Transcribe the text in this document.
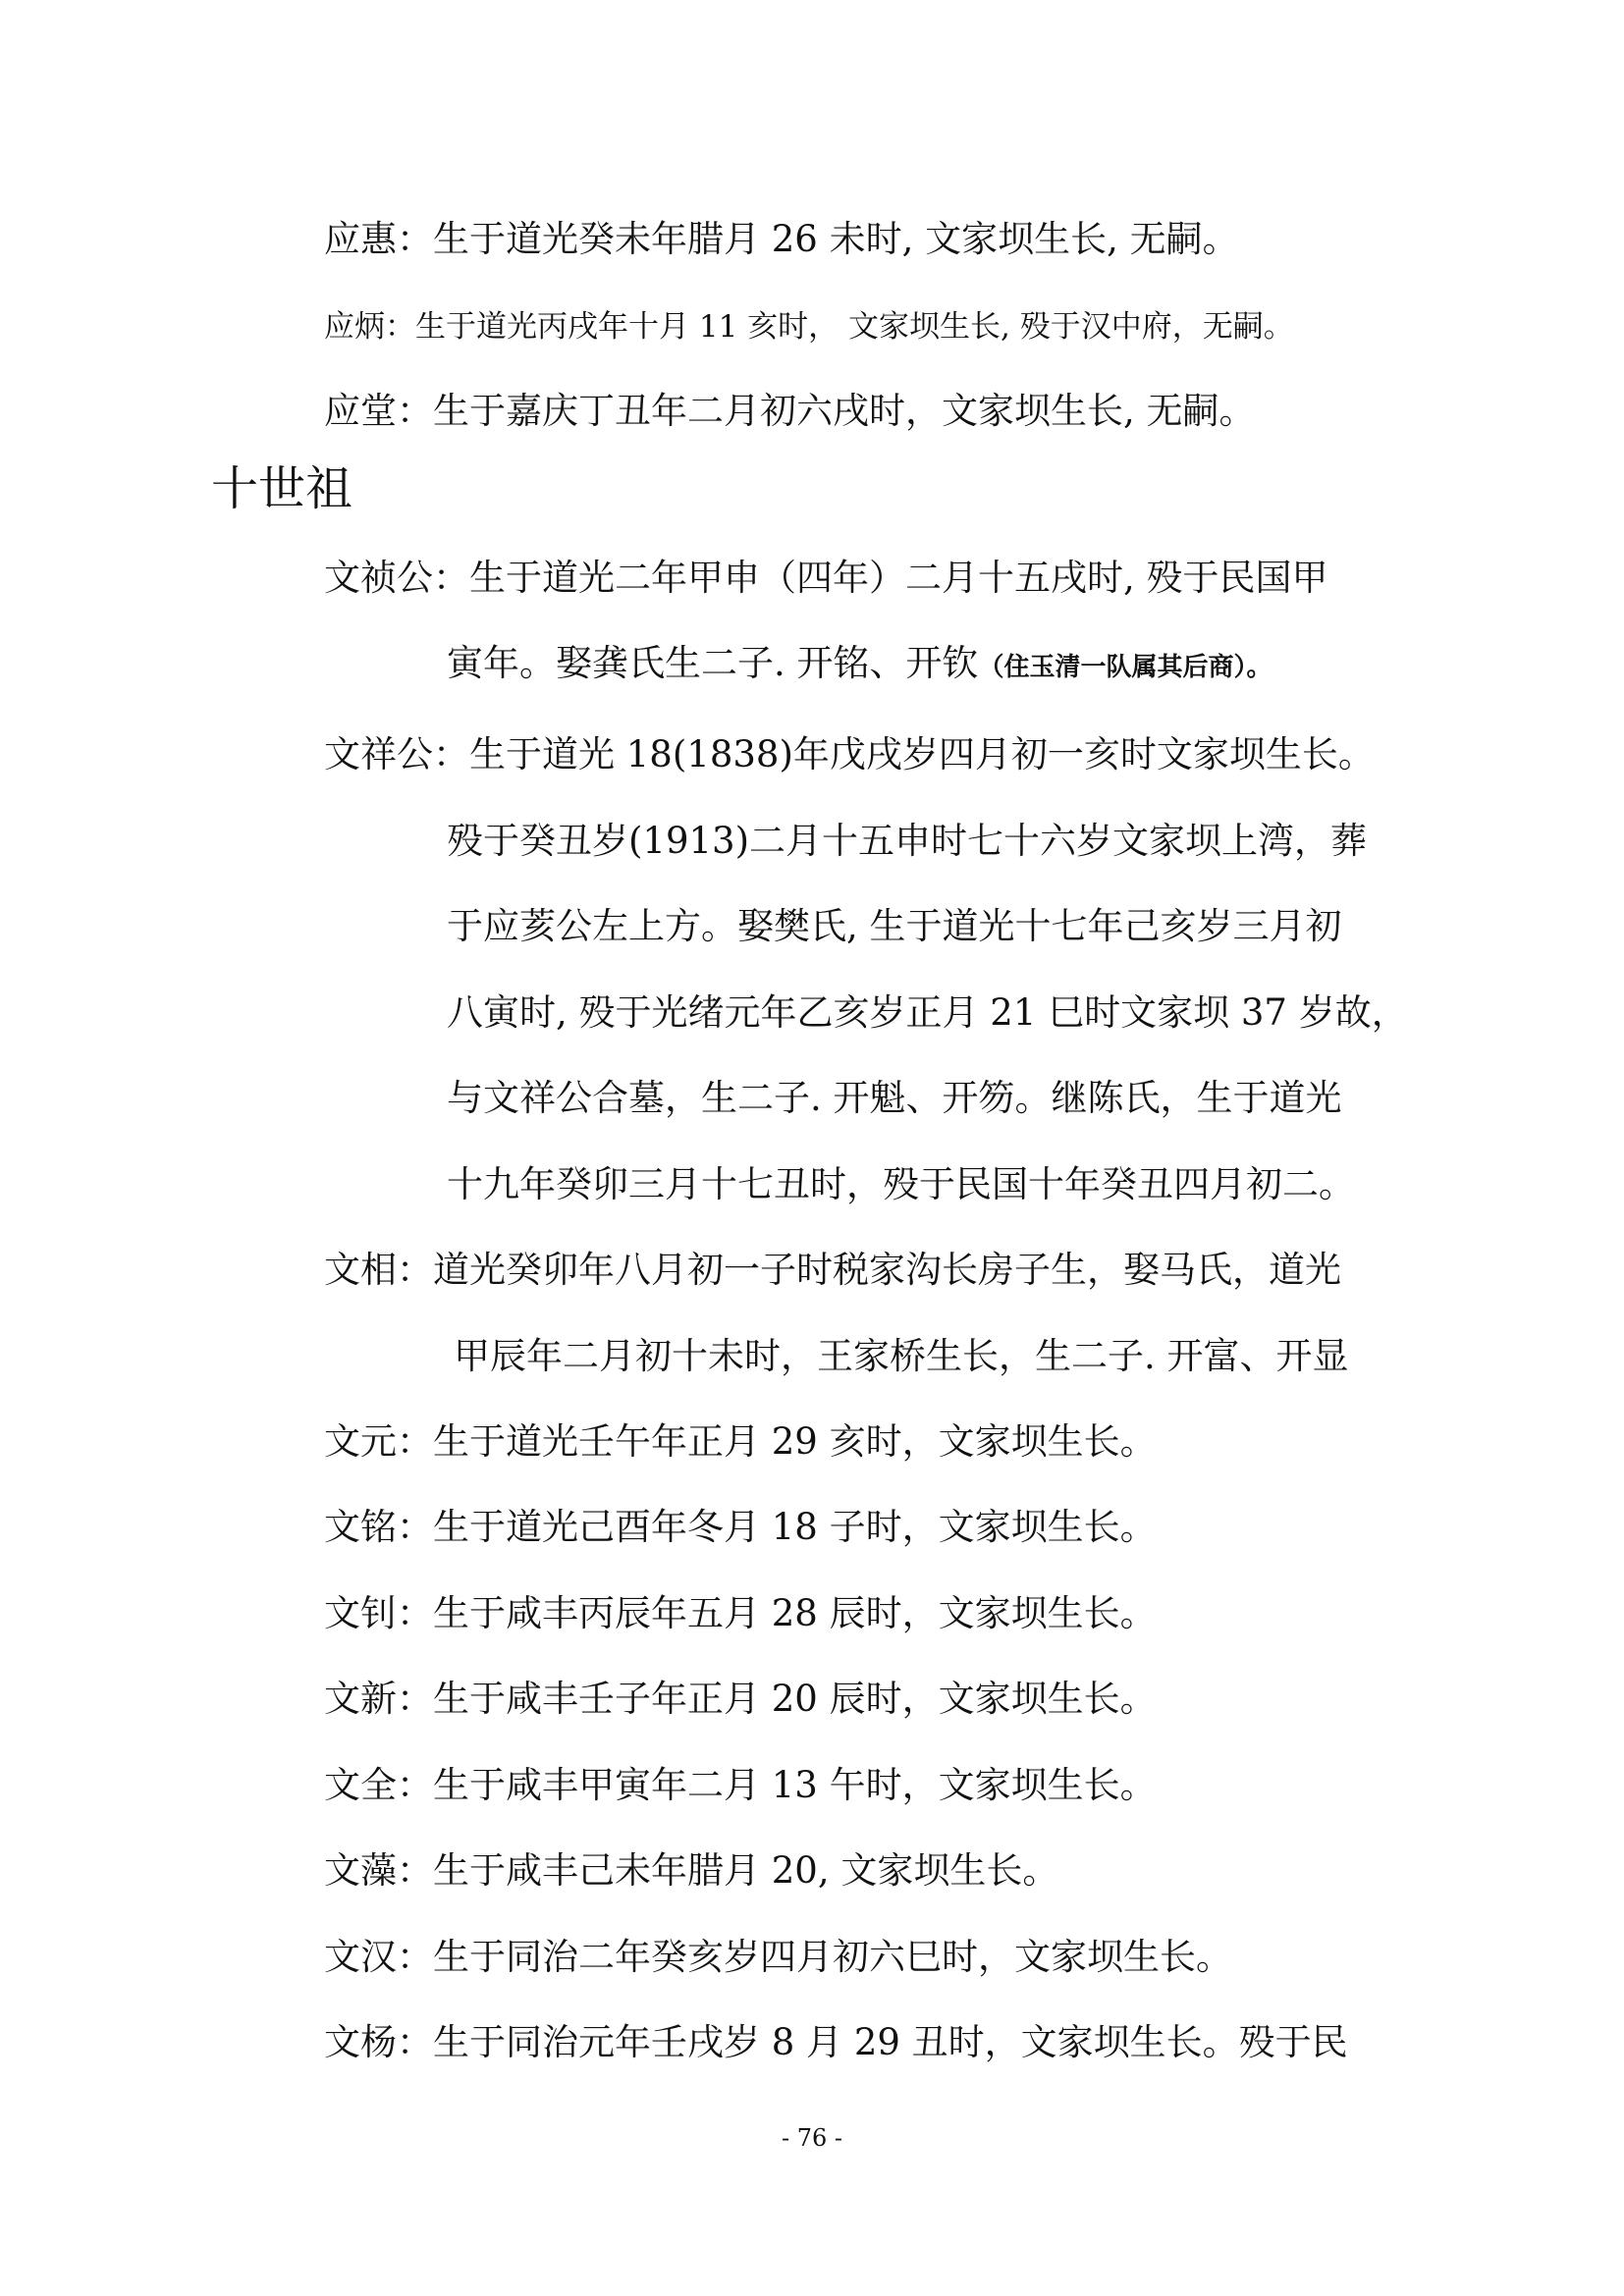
应惠：生于道光癸未年腊月 26 未时, 文家坝生长, 无嗣。
应炳：生于道光丙戌年十月 11 亥时， 文家坝生长, 殁于汉中府，无嗣。
应堂：生于嘉庆丁丑年二月初六戌时，文家坝生长, 无嗣。
十世祖
文祯公：生于道光二年甲申（四年）二月十五戌时, 殁于民国甲
寅年。娶龚氏生二子. 开铭、开钦（住玉清一队属其后商）。
文祥公：生于道光 18(1838)年戊戌岁四月初一亥时文家坝生长。
殁于癸丑岁(1913)二月十五申时七十六岁文家坝上湾，葬
于应荄公左上方。娶樊氏, 生于道光十七年己亥岁三月初
八寅时, 殁于光绪元年乙亥岁正月 21 巳时文家坝 37 岁故，
与文祥公合墓，生二子. 开魁、开笏。继陈氏，生于道光
十九年癸卯三月十七丑时，殁于民国十年癸丑四月初二。
文相：道光癸卯年八月初一子时税家沟长房子生，娶马氏，道光
甲辰年二月初十未时，王家桥生长，生二子. 开富、开显
文元：生于道光壬午年正月 29 亥时，文家坝生长。
文铭：生于道光己酉年冬月 18 子时，文家坝生长。
文钊：生于咸丰丙辰年五月 28 辰时，文家坝生长。
文新：生于咸丰壬子年正月 20 辰时，文家坝生长。
文全：生于咸丰甲寅年二月 13 午时，文家坝生长。
文藻：生于咸丰己未年腊月 20, 文家坝生长。
文汉：生于同治二年癸亥岁四月初六巳时，文家坝生长。
文杨：生于同治元年壬戌岁 8 月 29 丑时，文家坝生长。殁于民
- 76 -
